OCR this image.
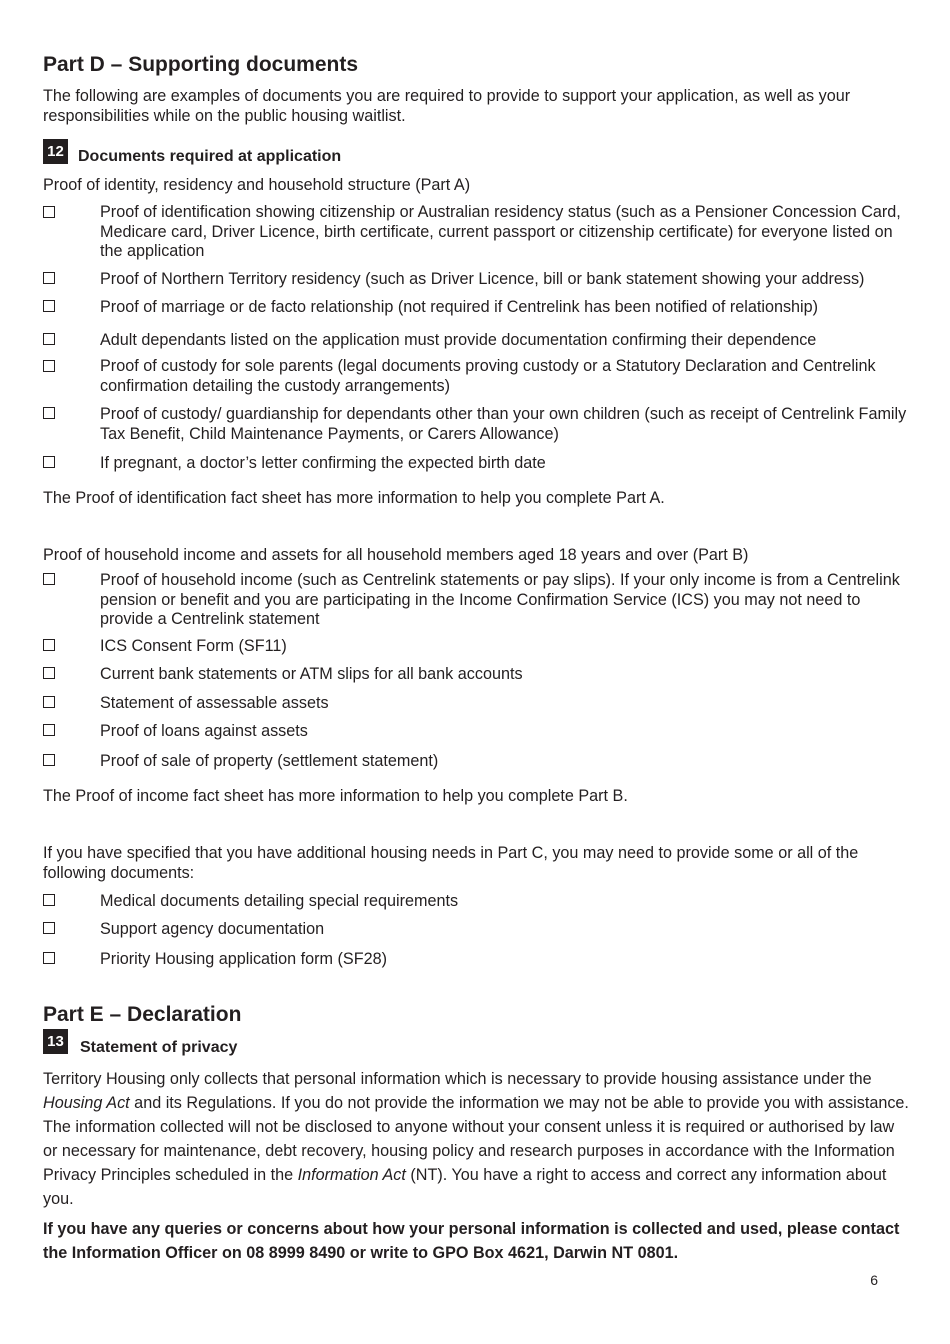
Part D – Supporting documents
The following are examples of documents you are required to provide to support your application, as well as your responsibilities while on the public housing waitlist.
12 Documents required at application
Proof of identity, residency and household structure (Part A)
Proof of identification showing citizenship or Australian residency status (such as a Pensioner Concession Card, Medicare card, Driver Licence, birth certificate, current passport or citizenship certificate) for everyone listed on the application
Proof of Northern Territory residency (such as Driver Licence, bill or bank statement showing your address)
Proof of marriage or de facto relationship (not required if Centrelink has been notified of relationship)
Adult dependants listed on the application must provide documentation confirming their dependence
Proof of custody for sole parents (legal documents proving custody or a Statutory Declaration and Centrelink confirmation detailing the custody arrangements)
Proof of custody/ guardianship for dependants other than your own children (such as receipt of Centrelink Family Tax Benefit, Child Maintenance Payments, or Carers Allowance)
If pregnant, a doctor’s letter confirming the expected birth date
The Proof of identification fact sheet has more information to help you complete Part A.
Proof of household income and assets for all household members aged 18 years and over (Part B)
Proof of household income (such as Centrelink statements or pay slips). If your only income is from a Centrelink pension or benefit and you are participating in the Income Confirmation Service (ICS) you may not need to provide a Centrelink statement
ICS Consent Form (SF11)
Current bank statements or ATM slips for all bank accounts
Statement of assessable assets
Proof of loans against assets
Proof of sale of property (settlement statement)
The Proof of income fact sheet has more information to help you complete Part B.
If you have specified that you have additional housing needs in Part C, you may need to provide some or all of the following documents:
Medical documents detailing special requirements
Support agency documentation
Priority Housing application form (SF28)
Part E – Declaration
13 Statement of privacy
Territory Housing only collects that personal information which is necessary to provide housing assistance under the Housing Act and its Regulations. If you do not provide the information we may not be able to provide you with assistance. The information collected will not be disclosed to anyone without your consent unless it is required or authorised by law or necessary for maintenance, debt recovery, housing policy and research purposes in accordance with the Information Privacy Principles scheduled in the Information Act (NT). You have a right to access and correct any information about you.
If you have any queries or concerns about how your personal information is collected and used, please contact the Information Officer on 08 8999 8490 or write to GPO Box 4621, Darwin NT 0801.
6
